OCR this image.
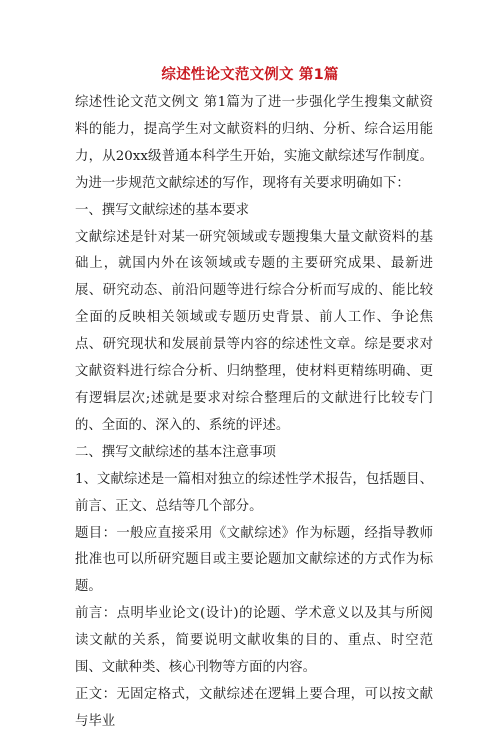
综述性论文范文例文 第1篇

综述性论文范文例文 第1篇为了进一步强化学生搜集文献资料的能力，提高学生对文献资料的归纳、分析、综合运用能力，从20xx级普通本科学生开始，实施文献综述写作制度。为进一步规范文献综述的写作，现将有关要求明确如下：

一、撰写文献综述的基本要求

文献综述是针对某一研究领域或专题搜集大量文献资料的基础上，就国内外在该领域或专题的主要研究成果、最新进展、研究动态、前沿问题等进行综合分析而写成的、能比较全面的反映相关领域或专题历史背景、前人工作、争论焦点、研究现状和发展前景等内容的综述性文章。综是要求对文献资料进行综合分析、归纳整理，使材料更精练明确、更有逻辑层次;述就是要求对综合整理后的文献进行比较专门的、全面的、深入的、系统的评述。

二、撰写文献综述的基本注意事项

1、文献综述是一篇相对独立的综述性学术报告，包括题目、前言、正文、总结等几个部分。

题目：一般应直接采用《文献综述》作为标题，经指导教师批准也可以所研究题目或主要论题加文献综述的方式作为标题。

前言：点明毕业论文(设计)的论题、学术意义以及其与所阅读文献的关系，简要说明文献收集的目的、重点、时空范围、文献种类、核心刊物等方面的内容。

正文：无固定格式，文献综述在逻辑上要合理，可以按文献与毕业
